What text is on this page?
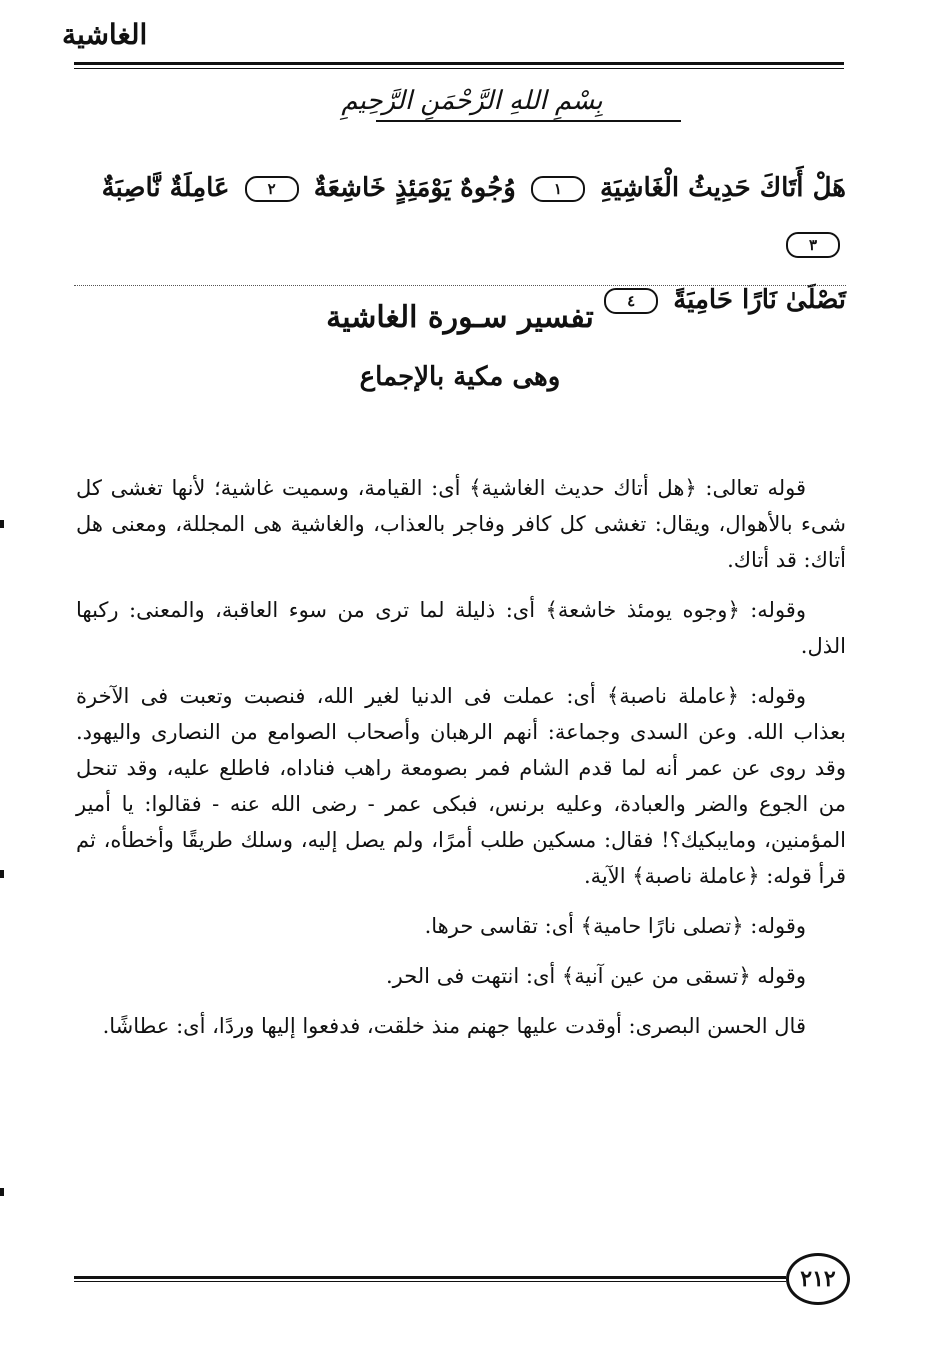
الغاشية
بِسْمِ اللهِ الرَّحْمَنِ الرَّحِيمِ
هَلْ أَتَاكَ حَدِيثُ الْغَاشِيَةِ ١ وُجُوهٌ يَوْمَئِذٍ خَاشِعَةٌ ٢ عَامِلَةٌ نَّاصِبَةٌ ٣
تَصْلَىٰ نَارًا حَامِيَةً ٤
تفسير سـورة الغاشية
وهى مكية بالإجماع

قوله تعالى: ﴿هل أتاك حديث الغاشية﴾ أى: القيامة، وسميت غاشية؛ لأنها تغشى كل شىء بالأهوال، ويقال: تغشى كل كافر وفاجر بالعذاب، والغاشية هى المجللة، ومعنى هل أتاك: قد أتاك.

وقوله: ﴿وجوه يومئذ خاشعة﴾ أى: ذليلة لما ترى من سوء العاقبة، والمعنى: ركبها الذل.

وقوله: ﴿عاملة ناصبة﴾ أى: عملت فى الدنيا لغير الله، فنصبت وتعبت فى الآخرة بعذاب الله. وعن السدى وجماعة: أنهم الرهبان وأصحاب الصوامع من النصارى واليهود. وقد روى عن عمر أنه لما قدم الشام فمر بصومعة راهب فناداه، فاطلع عليه، وقد تنحل من الجوع والضر والعبادة، وعليه برنس، فبكى عمر - رضى الله عنه - فقالوا: يا أمير المؤمنين، ومايبكيك؟! فقال: مسكين طلب أمرًا، ولم يصل إليه، وسلك طريقًا وأخطأه، ثم قرأ قوله: ﴿عاملة ناصبة﴾ الآية.

وقوله: ﴿تصلى نارًا حامية﴾ أى: تقاسى حرها.

وقوله ﴿تسقى من عين آنية﴾ أى: انتهت فى الحر.

قال الحسن البصرى: أوقدت عليها جهنم منذ خلقت، فدفعوا إليها وردًا، أى: عطاشًا.

٢١٢
